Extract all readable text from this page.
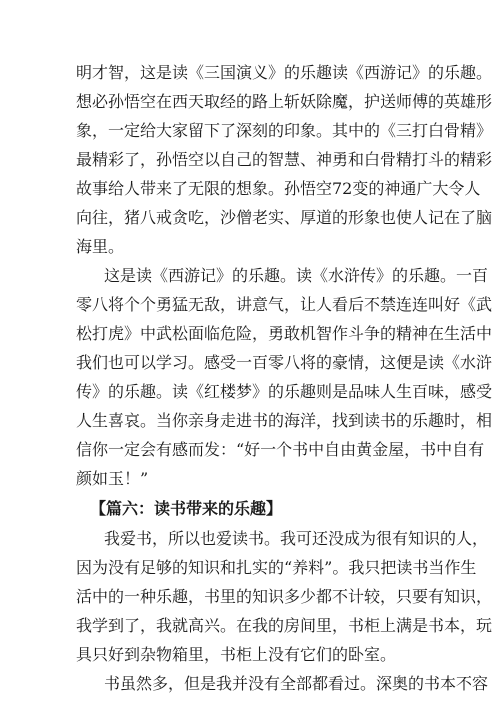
明才智，这是读《三国演义》的乐趣读《西游记》的乐趣。
想必孙悟空在西天取经的路上斩妖除魔，护送师傅的英雄形
象，一定给大家留下了深刻的印象。其中的《三打白骨精》
最精彩了，孙悟空以自己的智慧、神勇和白骨精打斗的精彩
故事给人带来了无限的想象。孙悟空72变的神通广大令人
向往，猪八戒贪吃，沙僧老实、厚道的形象也使人记在了脑
海里。
这是读《西游记》的乐趣。读《水浒传》的乐趣。一百
零八将个个勇猛无敌，讲意气，让人看后不禁连连叫好《武
松打虎》中武松面临危险，勇敢机智作斗争的精神在生活中
我们也可以学习。感受一百零八将的豪情，这便是读《水浒
传》的乐趣。读《红楼梦》的乐趣则是品味人生百味，感受
人生喜哀。当你亲身走进书的海洋，找到读书的乐趣时，相
信你一定会有感而发：“好一个书中自由黄金屋，书中自有
颜如玉！”
【篇六：读书带来的乐趣】
我爱书，所以也爱读书。我可还没成为很有知识的人，
因为没有足够的知识和扎实的“养料”。我只把读书当作生
活中的一种乐趣，书里的知识多少都不计较，只要有知识，
我学到了，我就高兴。在我的房间里，书柜上满是书本，玩
具只好到杂物箱里，书柜上没有它们的卧室。
书虽然多，但是我并没有全部都看过。深奥的书本不容
